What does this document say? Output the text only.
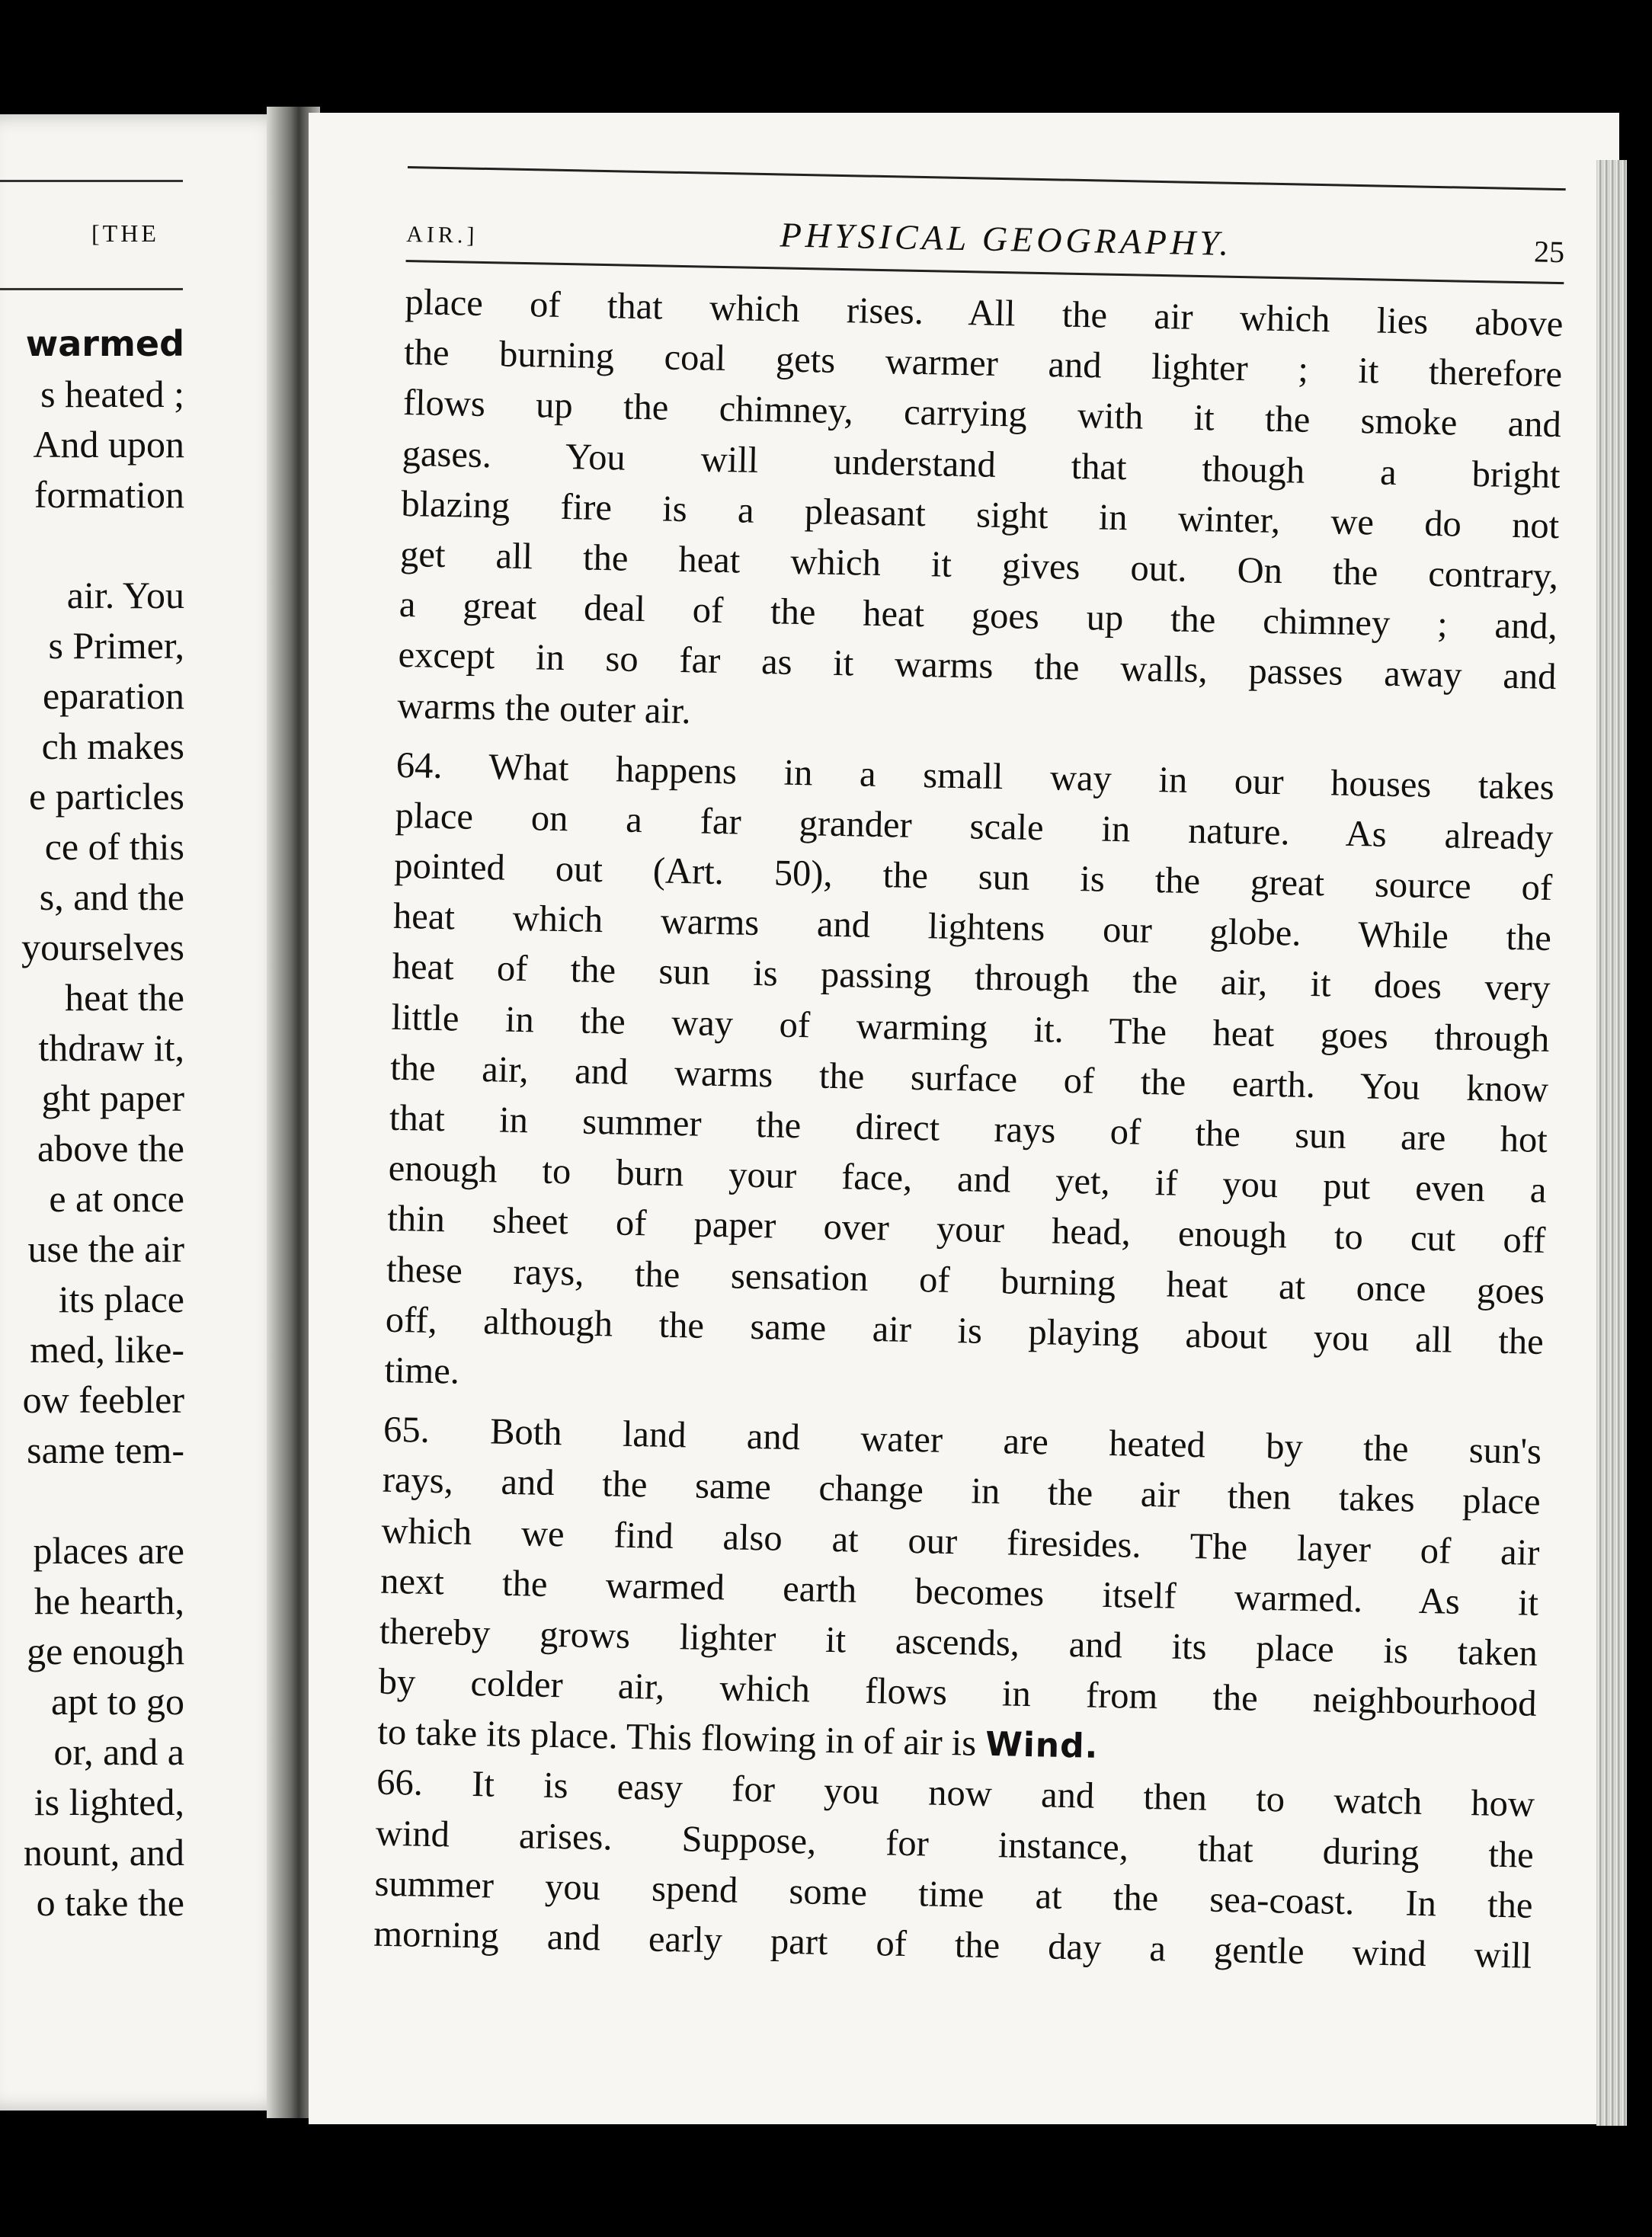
[THE
warmed
s heated ;
And upon
formation
air. You
s Primer,
eparation
ch makes
e particles
ce of this
s, and the
yourselves
heat the
thdraw it,
ght paper
above the
e at once
use the air
its place
med, like-
ow feebler
same tem-
places are
he hearth,
ge enough
apt to go
or, and a
is lighted,
nount, and
o take the
AIR.]	PHYSICAL GEOGRAPHY.	25
place of that which rises. All the air which lies above
the burning coal gets warmer and lighter ; it therefore
flows up the chimney, carrying with it the smoke and
gases. You will understand that though a bright
blazing fire is a pleasant sight in winter, we do not
get all the heat which it gives out. On the contrary,
a great deal of the heat goes up the chimney ; and,
except in so far as it warms the walls, passes away and
warms the outer air.
64. What happens in a small way in our houses takes
place on a far grander scale in nature. As already
pointed out (Art. 50), the sun is the great source of
heat which warms and lightens our globe. While the
heat of the sun is passing through the air, it does very
little in the way of warming it. The heat goes through
the air, and warms the surface of the earth. You know
that in summer the direct rays of the sun are hot
enough to burn your face, and yet, if you put even a
thin sheet of paper over your head, enough to cut off
these rays, the sensation of burning heat at once goes
off, although the same air is playing about you all the
time.
65. Both land and water are heated by the sun's
rays, and the same change in the air then takes place
which we find also at our firesides. The layer of air
next the warmed earth becomes itself warmed. As it
thereby grows lighter it ascends, and its place is taken
by colder air, which flows in from the neighbourhood
to take its place. This flowing in of air is Wind.
66. It is easy for you now and then to watch how
wind arises. Suppose, for instance, that during the
summer you spend some time at the sea-coast. In the
morning and early part of the day a gentle wind will
